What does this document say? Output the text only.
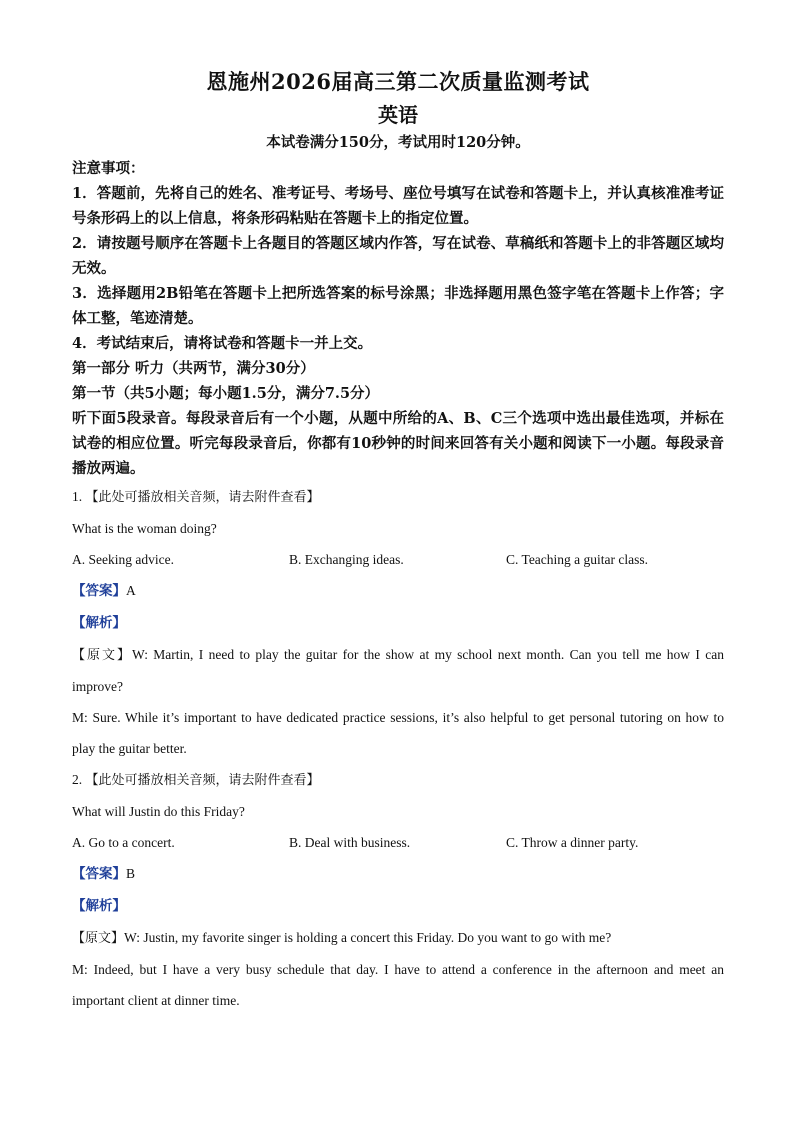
恩施州2026届高三第二次质量监测考试
英语
本试卷满分150分，考试用时120分钟。
注意事项：
1．答题前，先将自己的姓名、准考证号、考场号、座位号填写在试卷和答题卡上，并认真核准准考证号条形码上的以上信息，将条形码粘贴在答题卡上的指定位置。
2．请按题号顺序在答题卡上各题目的答题区域内作答，写在试卷、草稿纸和答题卡上的非答题区域均无效。
3．选择题用2B铅笔在答题卡上把所选答案的标号涂黑；非选择题用黑色签字笔在答题卡上作答；字体工整，笔迹清楚。
4．考试结束后，请将试卷和答题卡一并上交。
第一部分 听力（共两节，满分30分）
第一节（共5小题；每小题1.5分，满分7.5分）
听下面5段录音。每段录音后有一个小题，从题中所给的A、B、C三个选项中选出最佳选项，并标在试卷的相应位置。听完每段录音后，你都有10秒钟的时间来回答有关小题和阅读下一小题。每段录音播放两遍。
1. 【此处可播放相关音频，请去附件查看】
What is the woman doing?
A. Seeking advice.	B. Exchanging ideas.	C. Teaching a guitar class.
【答案】A
【解析】
【原文】W: Martin, I need to play the guitar for the show at my school next month. Can you tell me how I can improve?
M: Sure. While it’s important to have dedicated practice sessions, it’s also helpful to get personal tutoring on how to play the guitar better.
2. 【此处可播放相关音频，请去附件查看】
What will Justin do this Friday?
A. Go to a concert.	B. Deal with business.	C. Throw a dinner party.
【答案】B
【解析】
【原文】W: Justin, my favorite singer is holding a concert this Friday. Do you want to go with me?
M: Indeed, but I have a very busy schedule that day. I have to attend a conference in the afternoon and meet an important client at dinner time.
